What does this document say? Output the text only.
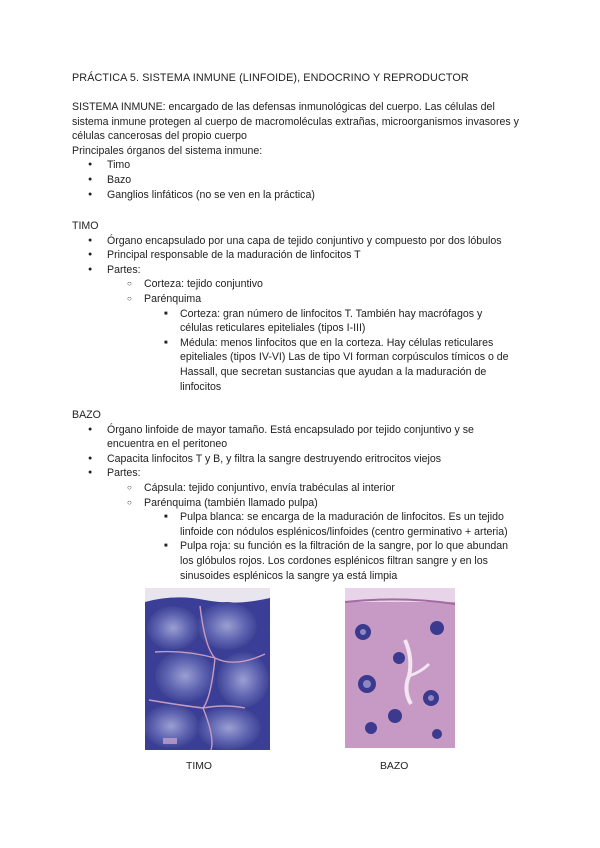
PRÁCTICA 5. SISTEMA INMUNE (LINFOIDE), ENDOCRINO Y REPRODUCTOR

SISTEMA INMUNE: encargado de las defensas inmunológicas del cuerpo. Las células del sistema inmune protegen al cuerpo de macromoléculas extrañas, microorganismos invasores y células cancerosas del propio cuerpo

Principales órganos del sistema inmune:

● Timo
● Bazo
● Ganglios linfáticos (no se ven en la práctica)

TIMO

● Órgano encapsulado por una capa de tejido conjuntivo y compuesto por dos lóbulos
● Principal responsable de la maduración de linfocitos T
● Partes:
○ Corteza: tejido conjuntivo
○ Parénquima
■ Corteza: gran número de linfocitos T. También hay macrófagos y células reticulares epiteliales (tipos I-III)
■ Médula: menos linfocitos que en la corteza. Hay células reticulares epiteliales (tipos IV-VI) Las de tipo VI forman corpúsculos tímicos o de Hassall, que secretan sustancias que ayudan a la maduración de linfocitos

BAZO

● Órgano linfoide de mayor tamaño. Está encapsulado por tejido conjuntivo y se encuentra en el peritoneo
● Capacita linfocitos T y B, y filtra la sangre destruyendo eritrocitos viejos
● Partes:
○ Cápsula: tejido conjuntivo, envía trabéculas al interior
○ Parénquima (también llamado pulpa)
■ Pulpa blanca: se encarga de la maduración de linfocitos. Es un tejido linfoide con nódulos esplénicos/linfoides (centro germinativo + arteria)
■ Pulpa roja: su función es la filtración de la sangre, por lo que abundan los glóbulos rojos. Los cordones esplénicos filtran sangre y en los sinusoides esplénicos la sangre ya está limpia
TIMO	BAZO
